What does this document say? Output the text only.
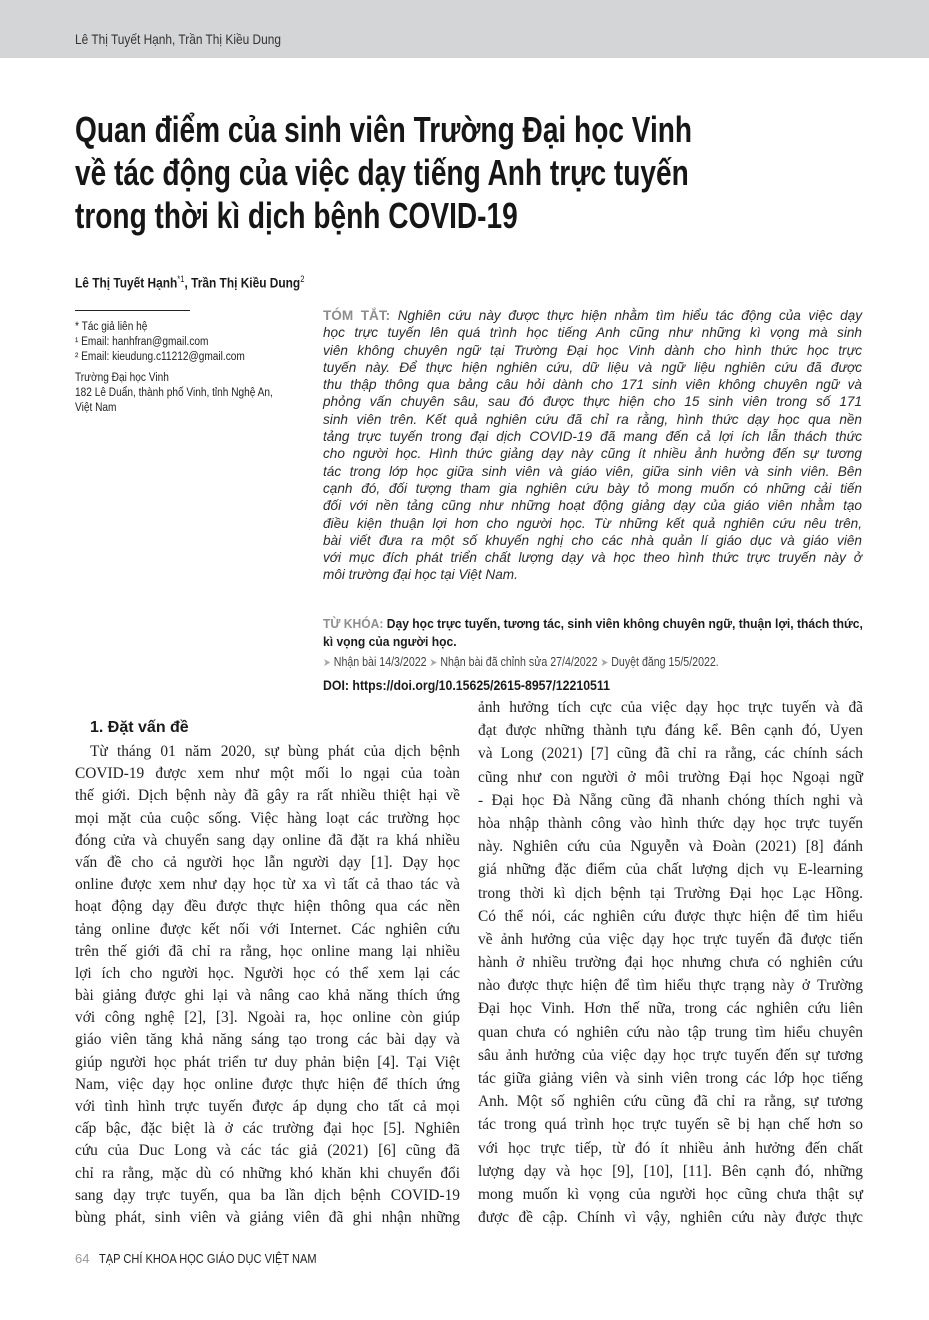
Lê Thị Tuyết Hạnh, Trần Thị Kiều Dung
Quan điểm của sinh viên Trường Đại học Vinh
về tác động của việc dạy tiếng Anh trực tuyến
trong thời kì dịch bệnh COVID-19
Lê Thị Tuyết Hạnh$^{*1}$, Trần Thị Kiều Dung$^2$
* Tác giả liên hệ
¹ Email: hanhfran@gmail.com
² Email: kieudung.c11212@gmail.com
Trường Đại học Vinh
182 Lê Duẩn, thành phố Vinh, tỉnh Nghệ An,
Việt Nam
TÓM TẮT: Nghiên cứu này được thực hiện nhằm tìm hiểu tác động của việc dạy
học trực tuyến lên quá trình học tiếng Anh cũng như những kì vọng mà sinh
viên không chuyên ngữ tại Trường Đại học Vinh dành cho hình thức học trực
tuyến này. Để thực hiện nghiên cứu, dữ liệu và ngữ liệu nghiên cứu đã được
thu thập thông qua bảng câu hỏi dành cho 171 sinh viên không chuyên ngữ và
phỏng vấn chuyên sâu, sau đó được thực hiện cho 15 sinh viên trong số 171
sinh viên trên. Kết quả nghiên cứu đã chỉ ra rằng, hình thức dạy học qua nền
tảng trực tuyến trong đại dịch COVID-19 đã mang đến cả lợi ích lẫn thách thức
cho người học. Hình thức giảng dạy này cũng ít nhiều ảnh hưởng đến sự tương
tác trong lớp học giữa sinh viên và giáo viên, giữa sinh viên và sinh viên. Bên
cạnh đó, đối tượng tham gia nghiên cứu bày tỏ mong muốn có những cải tiến
đối với nền tảng cũng như những hoạt động giảng dạy của giáo viên nhằm tạo
điều kiện thuận lợi hơn cho người học. Từ những kết quả nghiên cứu nêu trên,
bài viết đưa ra một số khuyến nghị cho các nhà quản lí giáo dục và giáo viên
với mục đích phát triển chất lượng dạy và học theo hình thức trực truyến này ở
môi trường đại học tại Việt Nam.
TỪ KHÓA: Dạy học trực tuyến, tương tác, sinh viên không chuyên ngữ, thuận lợi, thách thức,
kì vọng của người học.
➤ Nhận bài 14/3/2022 ➤ Nhận bài đã chỉnh sửa 27/4/2022 ➤ Duyệt đăng 15/5/2022.
DOI: https://doi.org/10.15625/2615-8957/12210511
1. Đặt vấn đề
Từ tháng 01 năm 2020, sự bùng phát của dịch bệnh
COVID-19 được xem như một mối lo ngại của toàn
thế giới. Dịch bệnh này đã gây ra rất nhiều thiệt hại về
mọi mặt của cuộc sống. Việc hàng loạt các trường học
đóng cửa và chuyển sang dạy online đã đặt ra khá nhiều
vấn đề cho cả người học lẫn người dạy [1]. Dạy học
online được xem như dạy học từ xa vì tất cả thao tác và
hoạt động dạy đều được thực hiện thông qua các nền
tảng online được kết nối với Internet. Các nghiên cứu
trên thế giới đã chỉ ra rằng, học online mang lại nhiều
lợi ích cho người học. Người học có thể xem lại các
bài giảng được ghi lại và nâng cao khả năng thích ứng
với công nghệ [2], [3]. Ngoài ra, học online còn giúp
giáo viên tăng khả năng sáng tạo trong các bài dạy và
giúp người học phát triển tư duy phản biện [4]. Tại Việt
Nam, việc dạy học online được thực hiện để thích ứng
với tình hình trực tuyến được áp dụng cho tất cả mọi
cấp bậc, đặc biệt là ở các trường đại học [5]. Nghiên
cứu của Duc Long và các tác giả (2021) [6] cũng đã
chỉ ra rằng, mặc dù có những khó khăn khi chuyển đổi
sang dạy trực tuyến, qua ba lần dịch bệnh COVID-19
bùng phát, sinh viên và giảng viên đã ghi nhận những
ảnh hưởng tích cực của việc dạy học trực tuyến và đã
đạt được những thành tựu đáng kể. Bên cạnh đó, Uyen
và Long (2021) [7] cũng đã chỉ ra rằng, các chính sách
cũng như con người ở môi trường Đại học Ngoại ngữ
- Đại học Đà Nẵng cũng đã nhanh chóng thích nghi và
hòa nhập thành công vào hình thức dạy học trực tuyến
này. Nghiên cứu của Nguyễn và Đoàn (2021) [8] đánh
giá những đặc điểm của chất lượng dịch vụ E-learning
trong thời kì dịch bệnh tại Trường Đại học Lạc Hồng.
Có thể nói, các nghiên cứu được thực hiện để tìm hiểu
về ảnh hưởng của việc dạy học trực tuyến đã được tiến
hành ở nhiều trường đại học nhưng chưa có nghiên cứu
nào được thực hiện để tìm hiểu thực trạng này ở Trường
Đại học Vinh. Hơn thế nữa, trong các nghiên cứu liên
quan chưa có nghiên cứu nào tập trung tìm hiểu chuyên
sâu ảnh hưởng của việc dạy học trực tuyến đến sự tương
tác giữa giảng viên và sinh viên trong các lớp học tiếng
Anh. Một số nghiên cứu cũng đã chỉ ra rằng, sự tương
tác trong quá trình học trực tuyến sẽ bị hạn chế hơn so
với học trực tiếp, từ đó ít nhiều ảnh hưởng đến chất
lượng dạy và học [9], [10], [11]. Bên cạnh đó, những
mong muốn kì vọng của người học cũng chưa thật sự
được đề cập. Chính vì vậy, nghiên cứu này được thực
64 TẠP CHÍ KHOA HỌC GIÁO DỤC VIỆT NAM
